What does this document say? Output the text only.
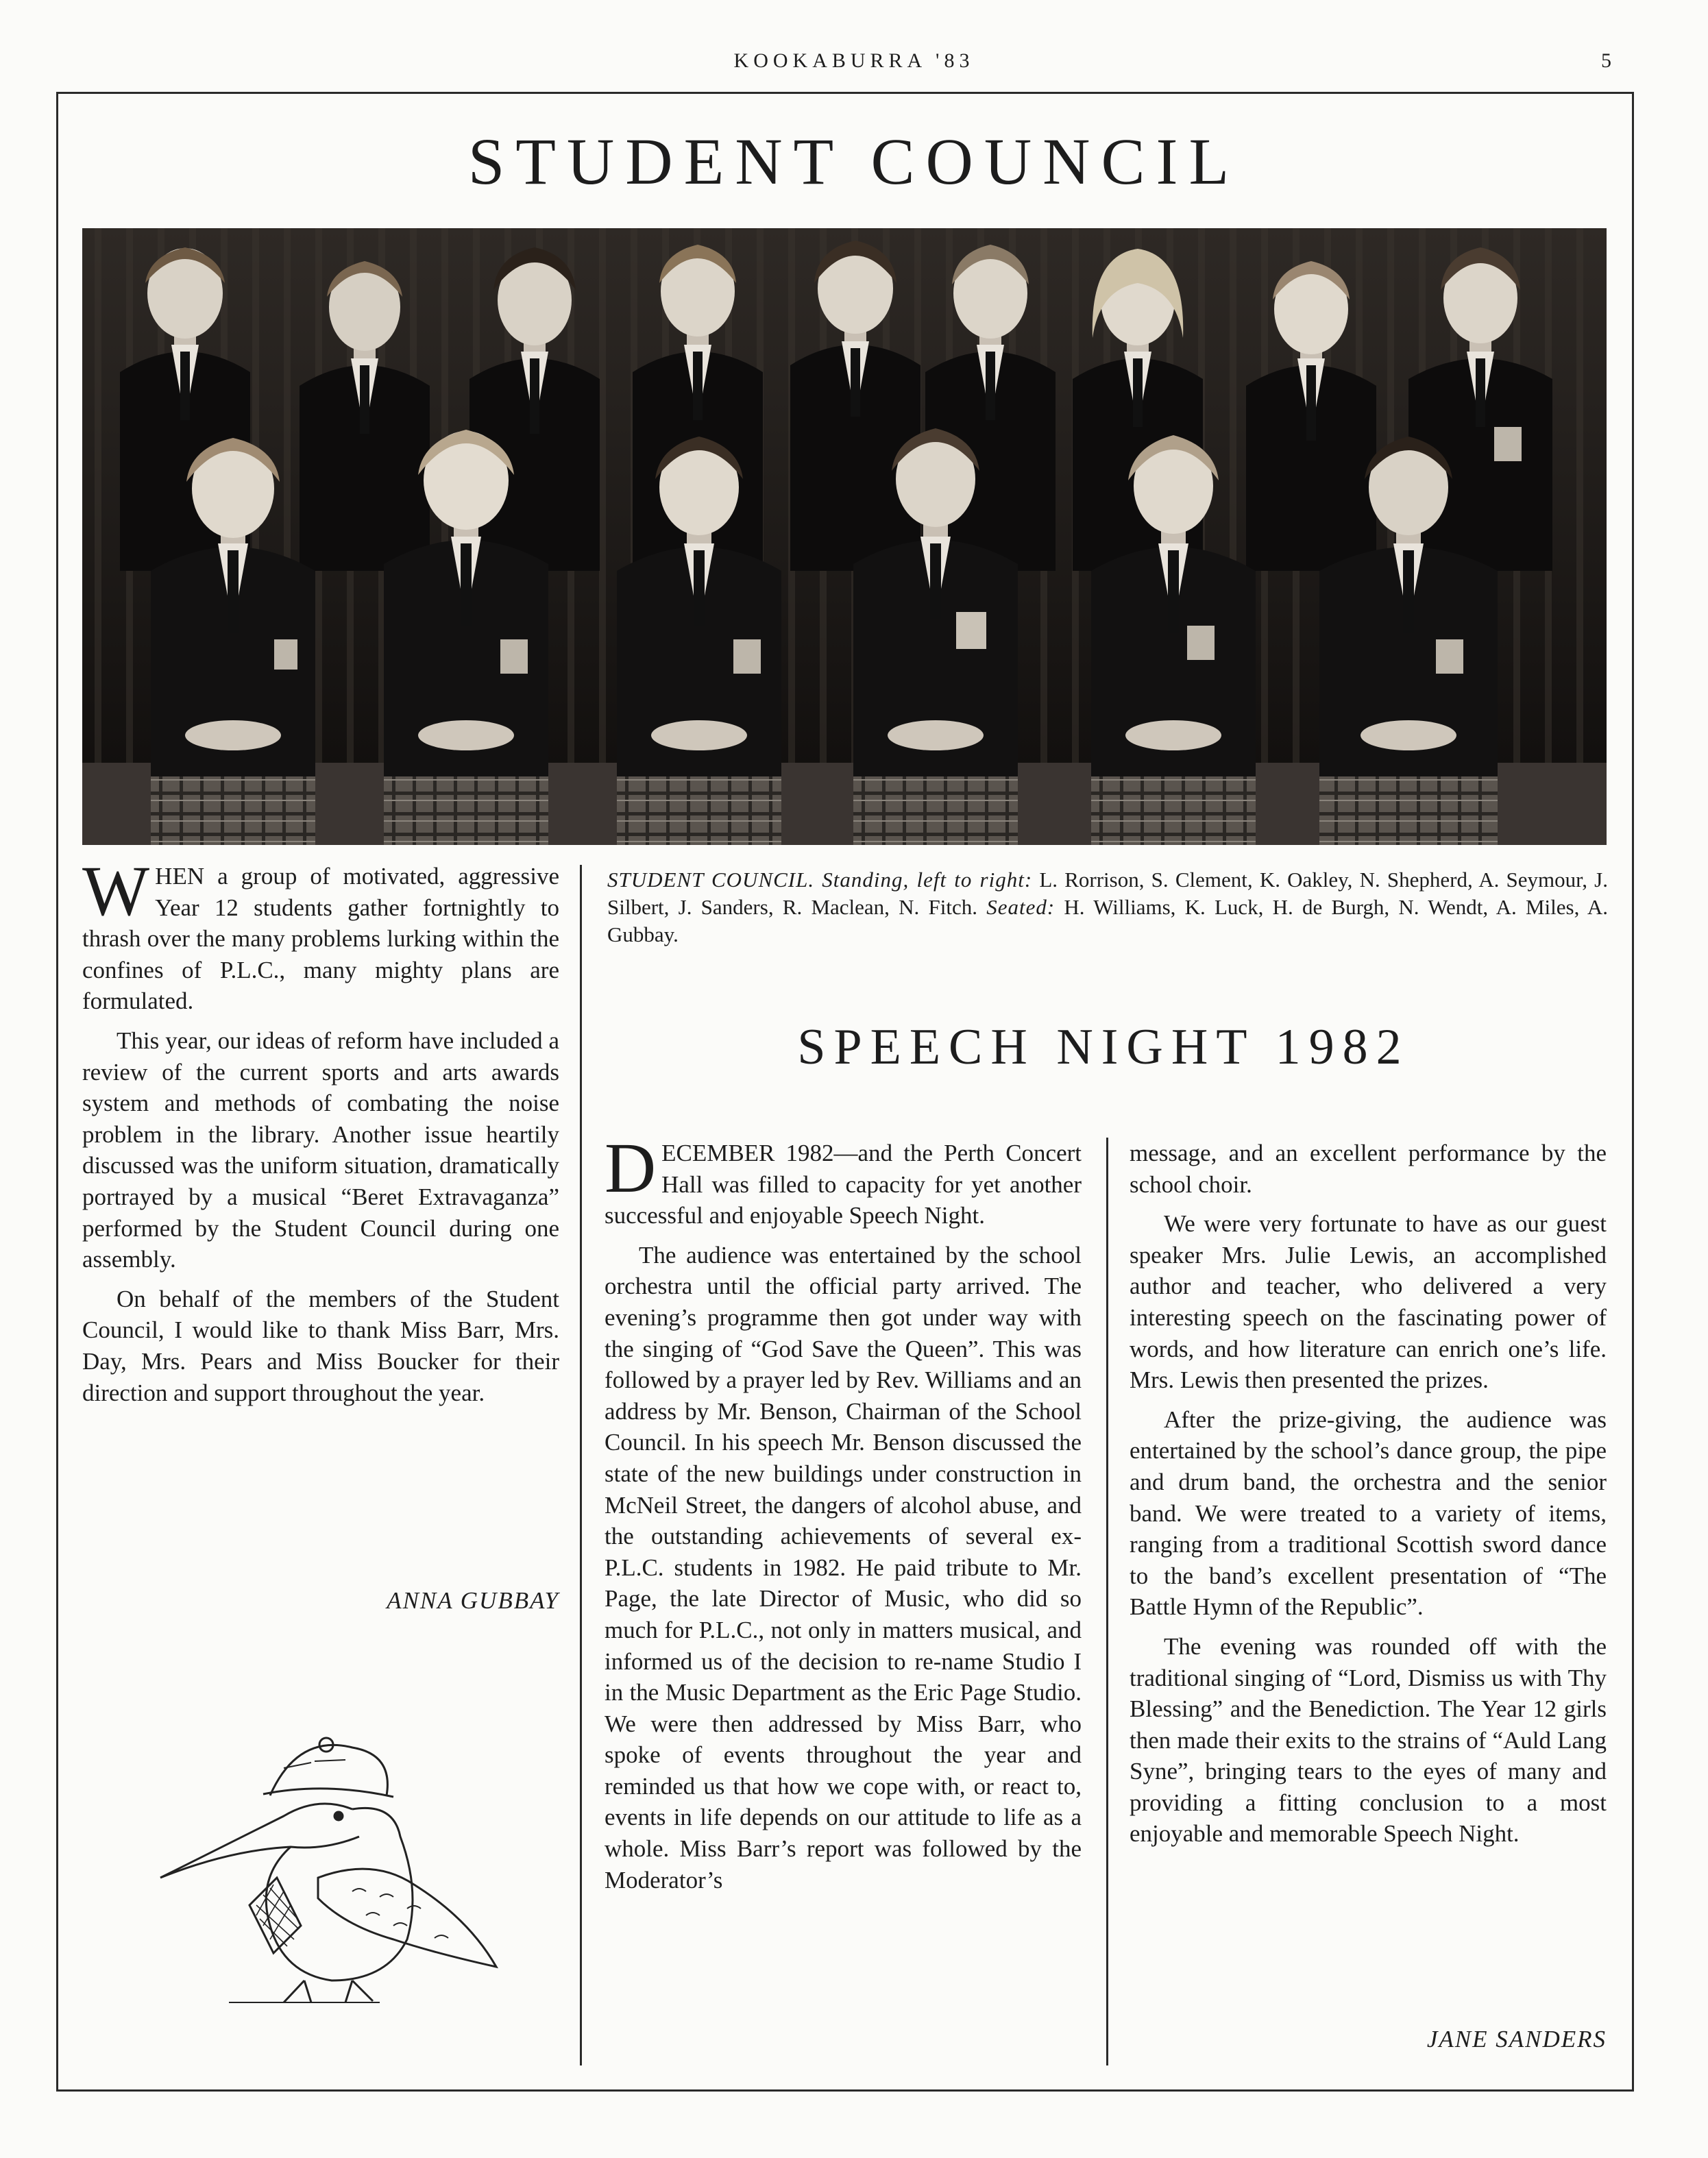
KOOKABURRA '83	5
STUDENT COUNCIL

STUDENT COUNCIL. Standing, left to right: L. Rorrison, S. Clement, K. Oakley, N. Shepherd, A. Seymour, J. Silbert, J. Sanders, R. Maclean, N. Fitch. Seated: H. Williams, K. Luck, H. de Burgh, N. Wendt, A. Miles, A. Gubbay.

WHEN a group of motivated, aggressive Year 12 students gather fortnightly to thrash over the many problems lurking within the confines of P.L.C., many mighty plans are formulated.

This year, our ideas of reform have included a review of the current sports and arts awards system and methods of combating the noise problem in the library. Another issue heartily discussed was the uniform situation, dramatically portrayed by a musical “Beret Extravaganza” performed by the Student Council during one assembly.

On behalf of the members of the Student Council, I would like to thank Miss Barr, Mrs. Day, Mrs. Pears and Miss Boucker for their direction and support throughout the year.

ANNA GUBBAY
SPEECH NIGHT 1982

DECEMBER 1982—and the Perth Concert Hall was filled to capacity for yet another successful and enjoyable Speech Night.

The audience was entertained by the school orchestra until the official party arrived. The evening’s programme then got under way with the singing of “God Save the Queen”. This was followed by a prayer led by Rev. Williams and an address by Mr. Benson, Chairman of the School Council. In his speech Mr. Benson discussed the state of the new buildings under construction in McNeil Street, the dangers of alcohol abuse, and the outstanding achievements of several ex-P.L.C. students in 1982. He paid tribute to Mr. Page, the late Director of Music, who did so much for P.L.C., not only in matters musical, and informed us of the decision to re-name Studio I in the Music Department as the Eric Page Studio. We were then addressed by Miss Barr, who spoke of events throughout the year and reminded us that how we cope with, or react to, events in life depends on our attitude to life as a whole. Miss Barr’s report was followed by the Moderator’s

message, and an excellent performance by the school choir.

We were very fortunate to have as our guest speaker Mrs. Julie Lewis, an accomplished author and teacher, who delivered a very interesting speech on the fascinating power of words, and how literature can enrich one’s life. Mrs. Lewis then presented the prizes.

After the prize-giving, the audience was entertained by the school’s dance group, the pipe and drum band, the orchestra and the senior band. We were treated to a variety of items, ranging from a traditional Scottish sword dance to the band’s excellent presentation of “The Battle Hymn of the Republic”.

The evening was rounded off with the traditional singing of “Lord, Dismiss us with Thy Blessing” and the Benediction. The Year 12 girls then made their exits to the strains of “Auld Lang Syne”, bringing tears to the eyes of many and providing a fitting conclusion to a most enjoyable and memorable Speech Night.

JANE SANDERS
